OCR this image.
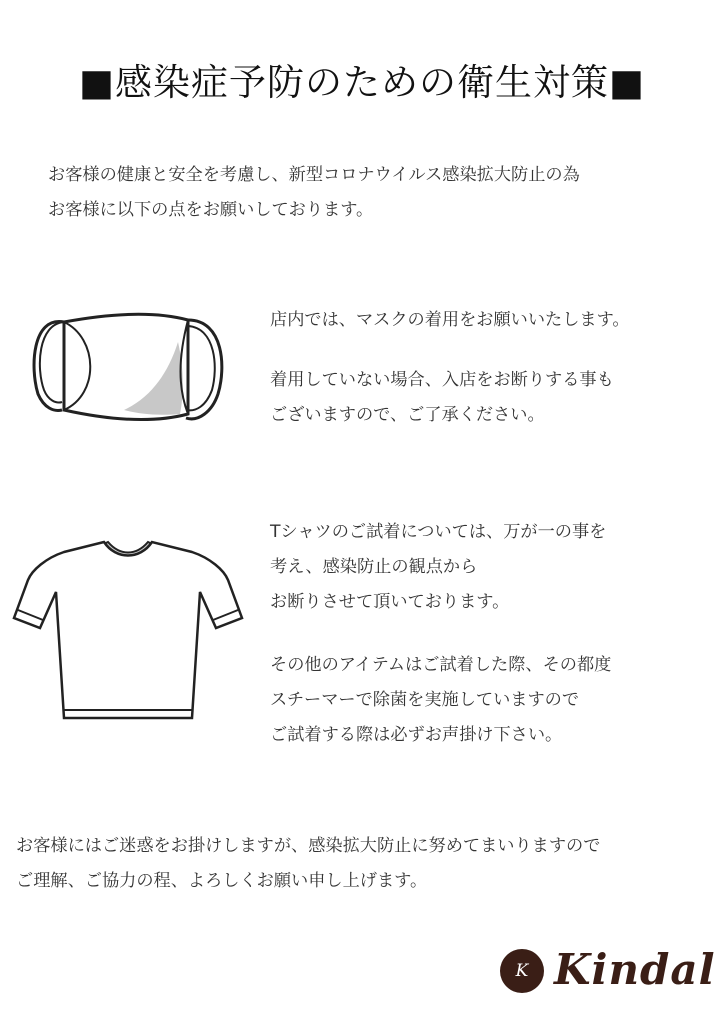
■感染症予防のための衛生対策■

お客様の健康と安全を考慮し、新型コロナウイルス感染拡大防止の為

お客様に以下の点をお願いしております。

店内では、マスクの着用をお願いいたします。

着用していない場合、入店をお断りする事も

ございますので、ご了承ください。

Tシャツのご試着については、万が一の事を

考え、感染防止の観点から

お断りさせて頂いております。

その他のアイテムはご試着した際、その都度

スチーマーで除菌を実施していますので

ご試着する際は必ずお声掛け下さい。

お客様にはご迷惑をお掛けしますが、感染拡大防止に努めてまいりますので

ご理解、ご協力の程、よろしくお願い申し上げます。

K Kindal
